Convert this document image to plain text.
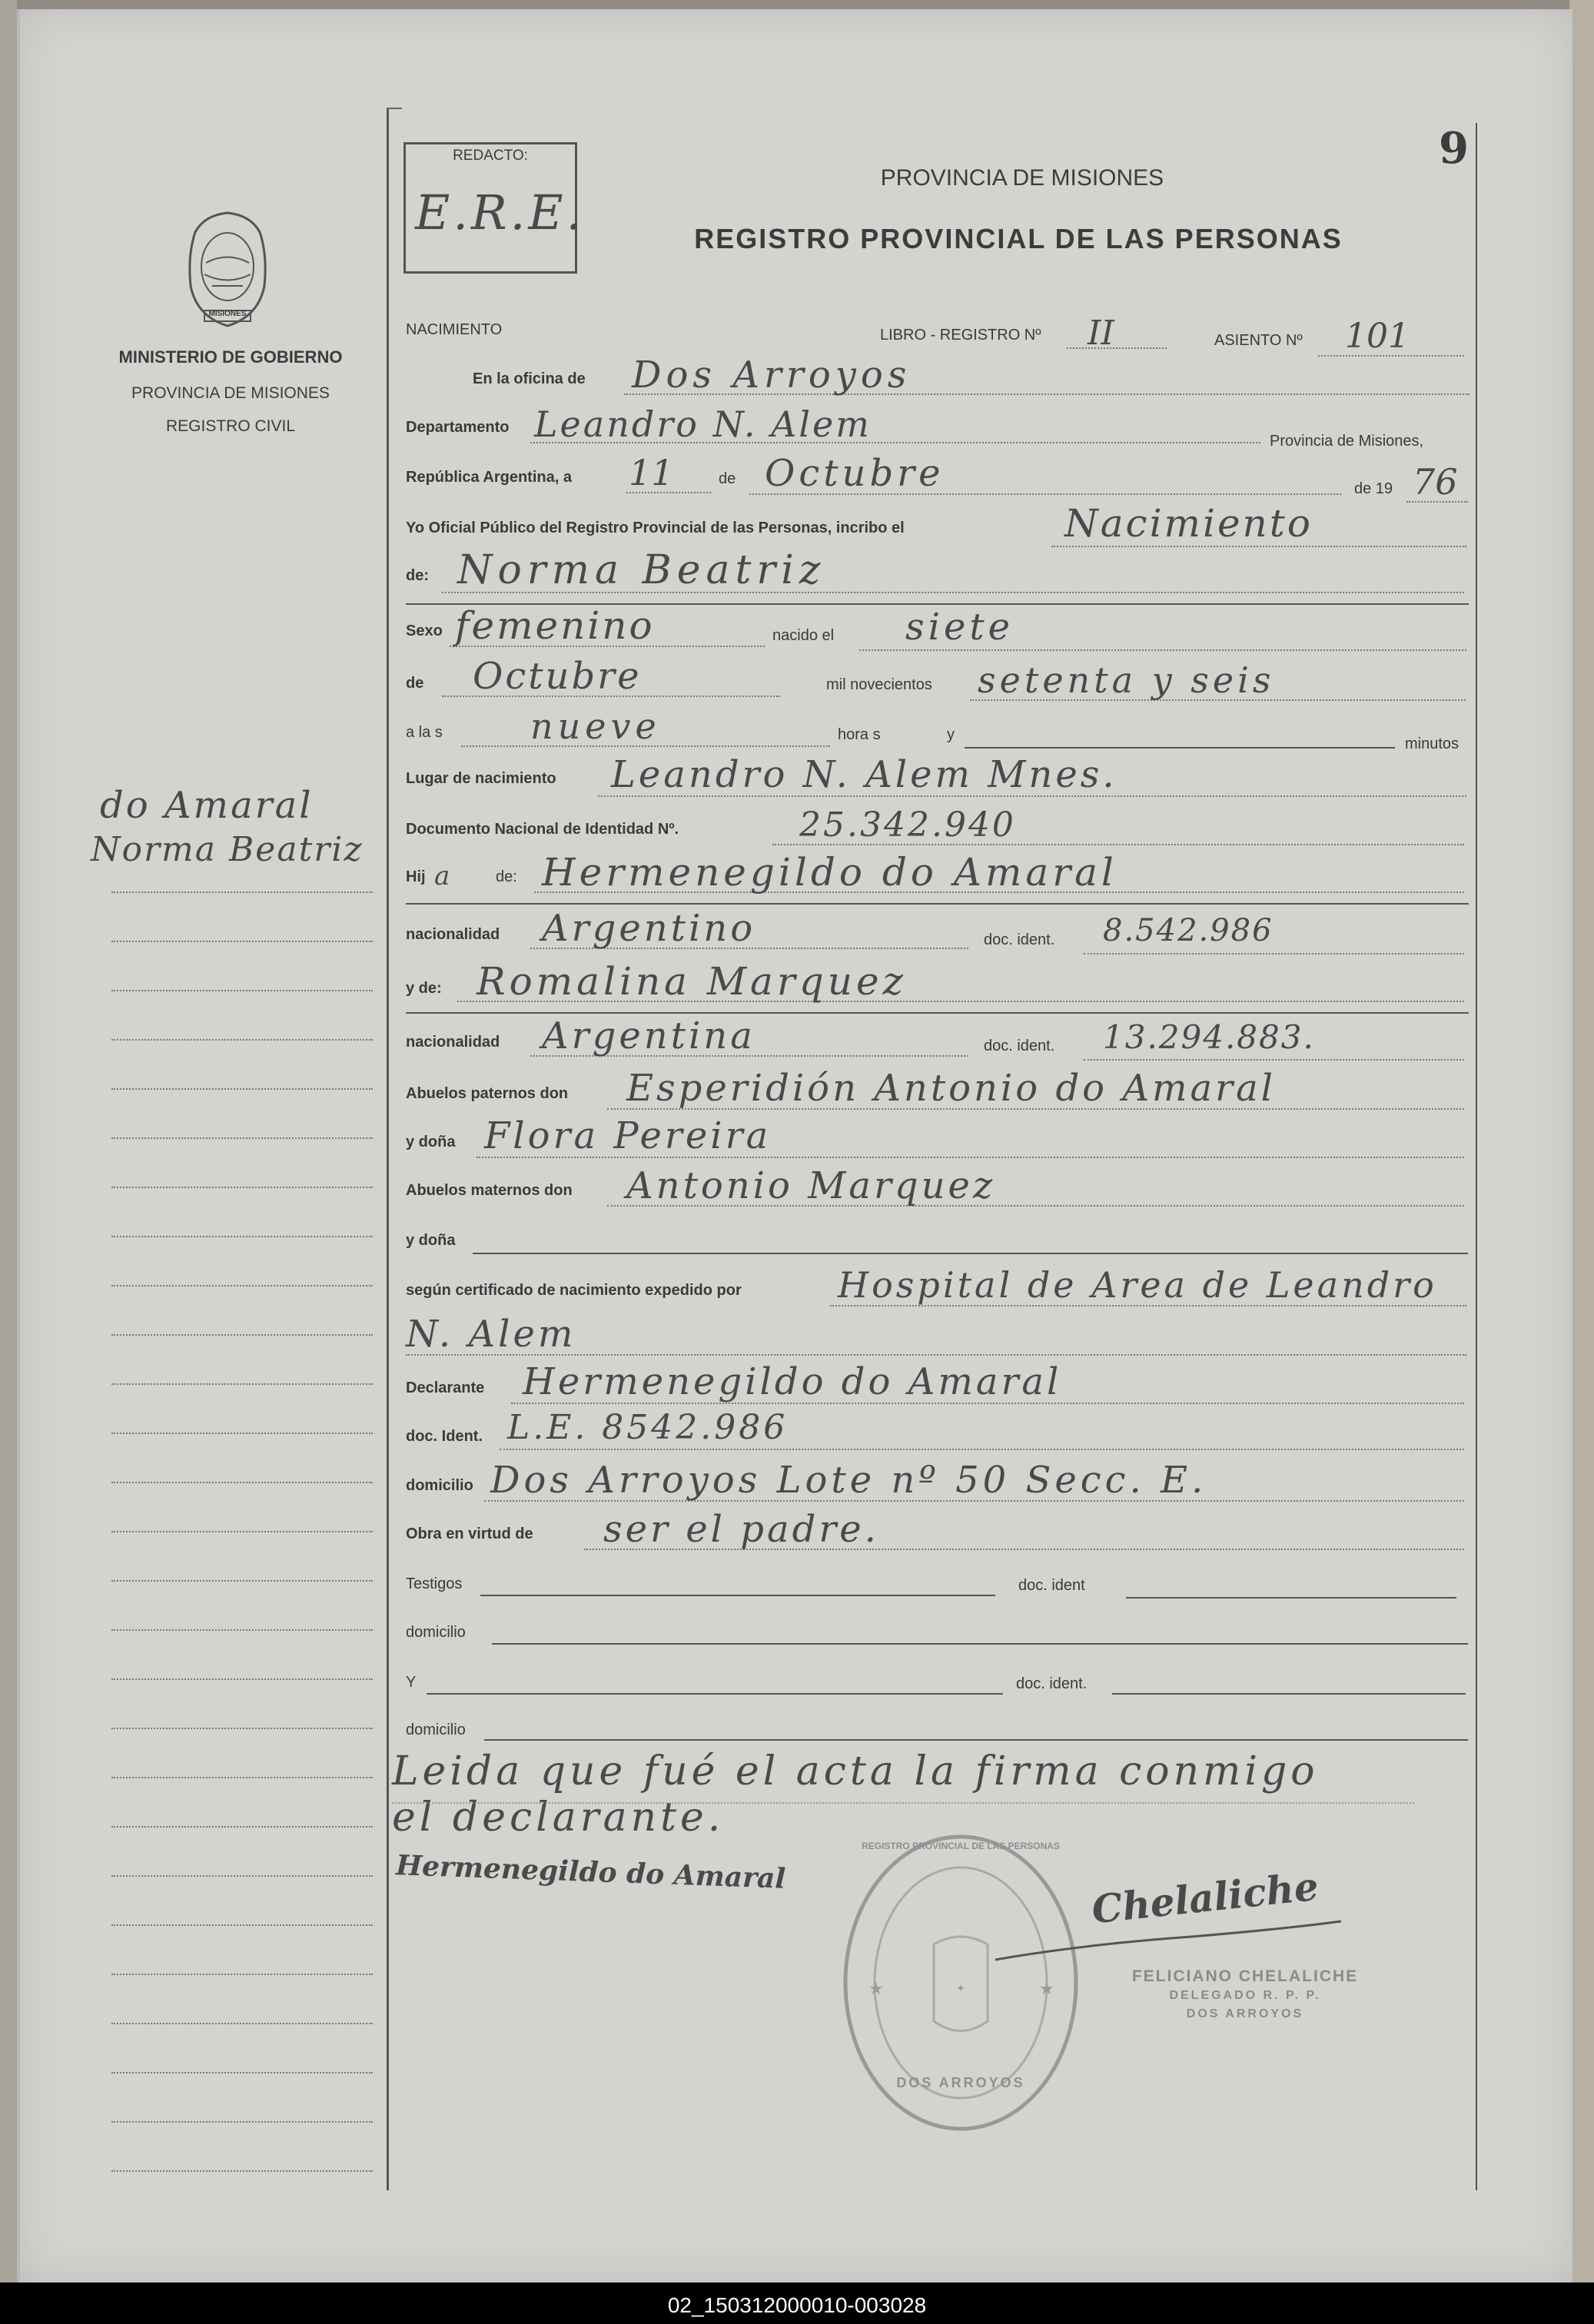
REDACTO:
E.R.E.
PROVINCIA DE MISIONES
REGISTRO PROVINCIAL DE LAS PERSONAS
9
MISIONES
MINISTERIO DE GOBIERNO
PROVINCIA DE MISIONES
REGISTRO CIVIL
NACIMIENTO	LIBRO - REGISTRO Nº II	ASIENTO Nº 101
En la oficina de Dos Arroyos
Departamento Leandro N. Alem	Provincia de Misiones,
República Argentina, a 11	de Octubre	de 19 76
Yo Oficial Público del Registro Provincial de las Personas, incribo el	Nacimiento
de: Norma Beatriz
Sexo femenino	nacido el siete
de Octubre	mil novecientos setenta y seis
a la s nueve	hora s	y
minutos
Lugar de nacimiento Leandro N. Alem Mnes.
Documento Nacional de Identidad Nº.	25.342.940
Hij a	de: Hermenegildo do Amaral
nacionalidad Argentino	doc. ident. 8.542.986
y de: Romalina Marquez
nacionalidad Argentina	doc. ident. 13.294.883.
Abuelos paternos don Esperidión Antonio do Amaral
y doña Flora Pereira
Abuelos maternos don Antonio Marquez
y doña
según certificado de nacimiento expedido por	Hospital de Area de Leandro
N. Alem
Declarante Hermenegildo do Amaral
doc. Ident. L.E. 8542.986
domicilio Dos Arroyos Lote nº 50 Secc. E.
Obra en virtud de ser el padre.
Testigos	doc. ident
domicilio
Y	doc. ident.
domicilio
Leida que fué el acta la firma conmigo
el declarante.
Hermenegildo do Amaral
✦
★	★
REGISTRO PROVINCIAL DE LAS PERSONAS
DOS ARROYOS
Chelaliche
FELICIANO CHELALICHE
DELEGADO R. P. P.
DOS ARROYOS
do Amaral
Norma Beatriz
02_150312000010-003028
